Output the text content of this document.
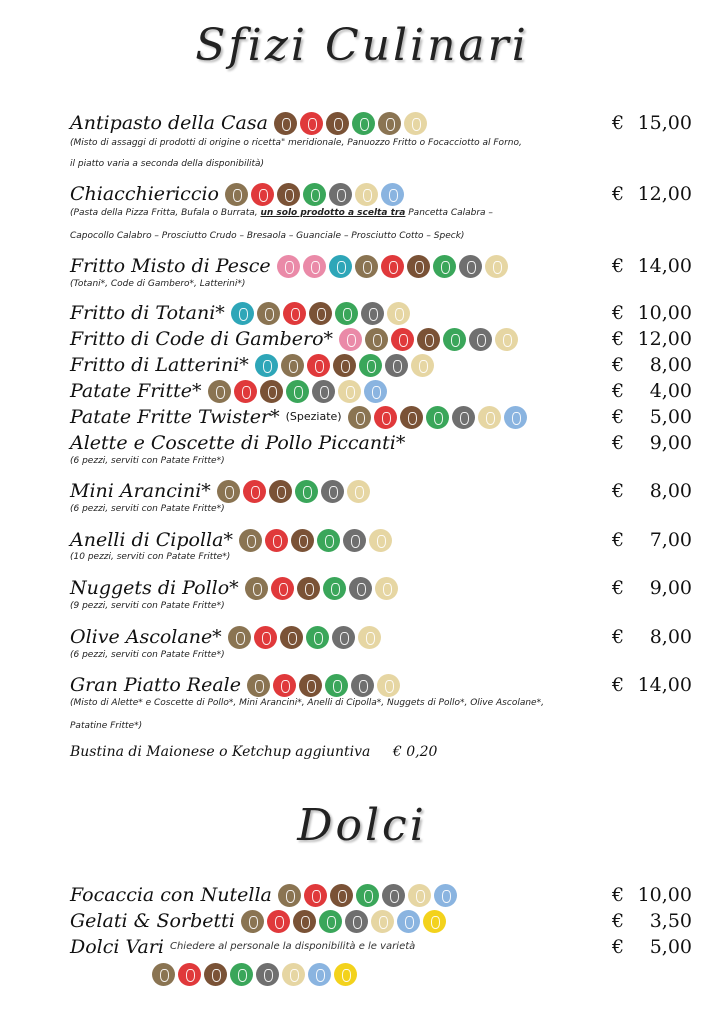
Sfizi Culinari
Antipasto della Casa	€ 15,00
Chiacchiericcio	€ 12,00
Fritto Misto di Pesce	€ 14,00
Fritto di Totani*	€ 10,00
Fritto di Code di Gambero*	€ 12,00
Fritto di Latterini*	€ 8,00
Patate Fritte*	€ 4,00
Patate Fritte Twister* (Speziate)	€ 5,00
Alette e Coscette di Pollo Piccanti*	€ 9,00
Mini Arancini*	€ 8,00
Anelli di Cipolla*	€ 7,00
Nuggets di Pollo*	€ 9,00
Olive Ascolane*	€ 8,00
Gran Piatto Reale	€ 14,00
(Misto di assaggi di prodotti di origine o ricetta" meridionale, Panuozzo Fritto o Focacciotto al Forno,
il piatto varia a seconda della disponibilità)
(Pasta della Pizza Fritta, Bufala o Burrata, un solo prodotto a scelta tra Pancetta Calabra –
Capocollo Calabro – Prosciutto Crudo – Bresaola – Guanciale – Prosciutto Cotto – Speck)
(Totani*, Code di Gambero*, Latterini*)
(6 pezzi, serviti con Patate Fritte*)
(6 pezzi, serviti con Patate Fritte*)
(10 pezzi, serviti con Patate Fritte*)
(9 pezzi, serviti con Patate Fritte*)
(6 pezzi, serviti con Patate Fritte*)
(Misto di Alette* e Coscette di Pollo*, Mini Arancini*, Anelli di Cipolla*, Nuggets di Pollo*, Olive Ascolane*,
Patatine Fritte*)
Bustina di Maionese o Ketchup aggiuntiva € 0,20
Dolci
Focaccia con Nutella	€ 10,00
Gelati & Sorbetti	€ 3,50
Dolci Vari Chiedere al personale la disponibilità e le varietà	€ 5,00
